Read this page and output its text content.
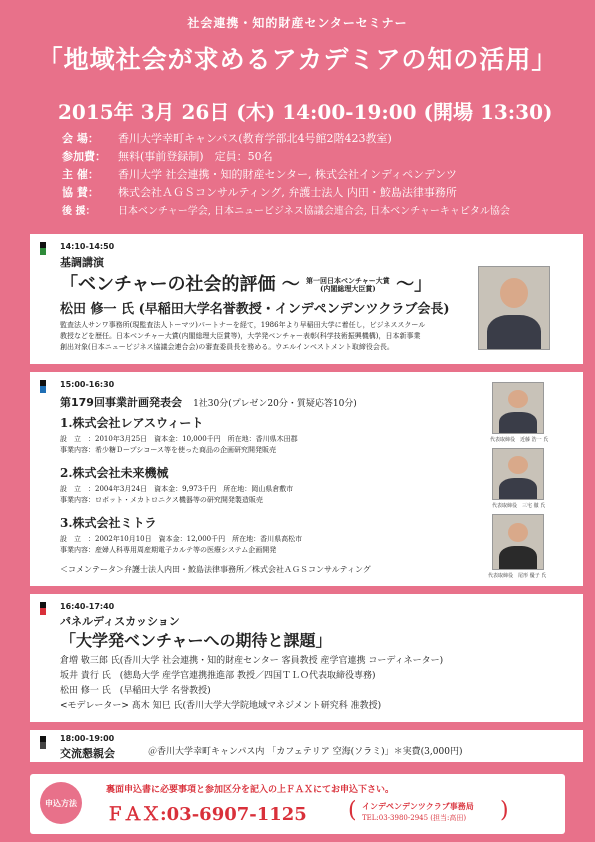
社会連携・知的財産センターセミナー
「地域社会が求めるアカデミアの知の活用」
2015年 3月 26日 (木) 14:00-19:00 (開場 13:30)
会 場： 香川大学幸町キャンパス(教育学部北4号館2階423教室)
参加費： 無料(事前登録制)　定員：50名
主 催： 香川大学 社会連携・知的財産センター, 株式会社インディペンデンツ
協 賛： 株式会社ＡＧＳコンサルティング, 弁護士法人 内田・鮫島法律事務所
後 援： 日本ベンチャー学会, 日本ニュービジネス協議会連合会, 日本ベンチャーキャピタル協会
14:10-14:50
基調講演
「ベンチャーの社会的評価 〜 第一回日本ベンチャー大賞
(内閣総理大臣賞) 〜」
松田 修一 氏 (早稲田大学名誉教授・インデペンデンツクラブ会長)
監査法人サンワ事務所(現監査法人トーマツ)パートナーを経て，1986年より早稲田大学に着任し，ビジネススクール
教授などを歴任。日本ベンチャー大賞(内閣総理大臣賞等)，大学発ベンチャー表彰(科学技術振興機構)，日本新事業
創出対象(日本ニュービジネス協議会連合会)の審査委員長を務める。ウエルインベストメント取締役会長。
15:00-16:30
第179回事業計画発表会 1社30分(プレゼン20分・質疑応答10分)
1.株式会社レアスウィート
設　立　：2010年3月25日　資本金：10,000千円　所在地：香川県木田郡
事業内容：希少糖Ｄープシコース等を使った商品の企画研究開発販売
2.株式会社未来機械
設　立　：2004年3月24日　資本金：9,973千円　所在地：岡山県倉敷市
事業内容：ロボット・メカトロニクス機器等の研究開発製造販売
3.株式会社ミトラ
設　立　：2002年10月10日　資本金：12,000千円　所在地：香川県高松市
事業内容：産婦人科専用周産期電子カルテ等の医療システム企画開発
＜コメンテータ＞弁護士法人内田・鮫島法律事務所／株式会社ＡＧＳコンサルティング
代表取締役　近藤 浩一 氏
代表取締役　三宅 徹 氏
代表取締役　尾形 優子 氏
16:40-17:40
パネルディスカッション
「大学発ベンチャーへの期待と課題」
倉増 敬三郎 氏(香川大学 社会連携・知的財産センター 客員教授 産学官連携 コーディネーター)
坂井 貴行 氏　(徳島大学 産学官連携推進部 教授／四国ＴＬＯ代表取締役専務)
松田 修一 氏　(早稲田大学 名誉教授)
<モデレーター> 髙木 知巳 氏(香川大学大学院地域マネジメント研究科 准教授)
18:00-19:00
交流懇親会	＠香川大学幸町キャンパス内 「カフェテリア 空海(ソラミ)」＊実費(3,000円)
申込方法
裏面申込書に必要事項と参加区分を記入の上ＦＡＸにてお申込下さい。
ＦＡＸ:03-6907-1125 ( インデペンデンツクラブ事務局
TEL:03-3980-2945 (担当:高田) )
